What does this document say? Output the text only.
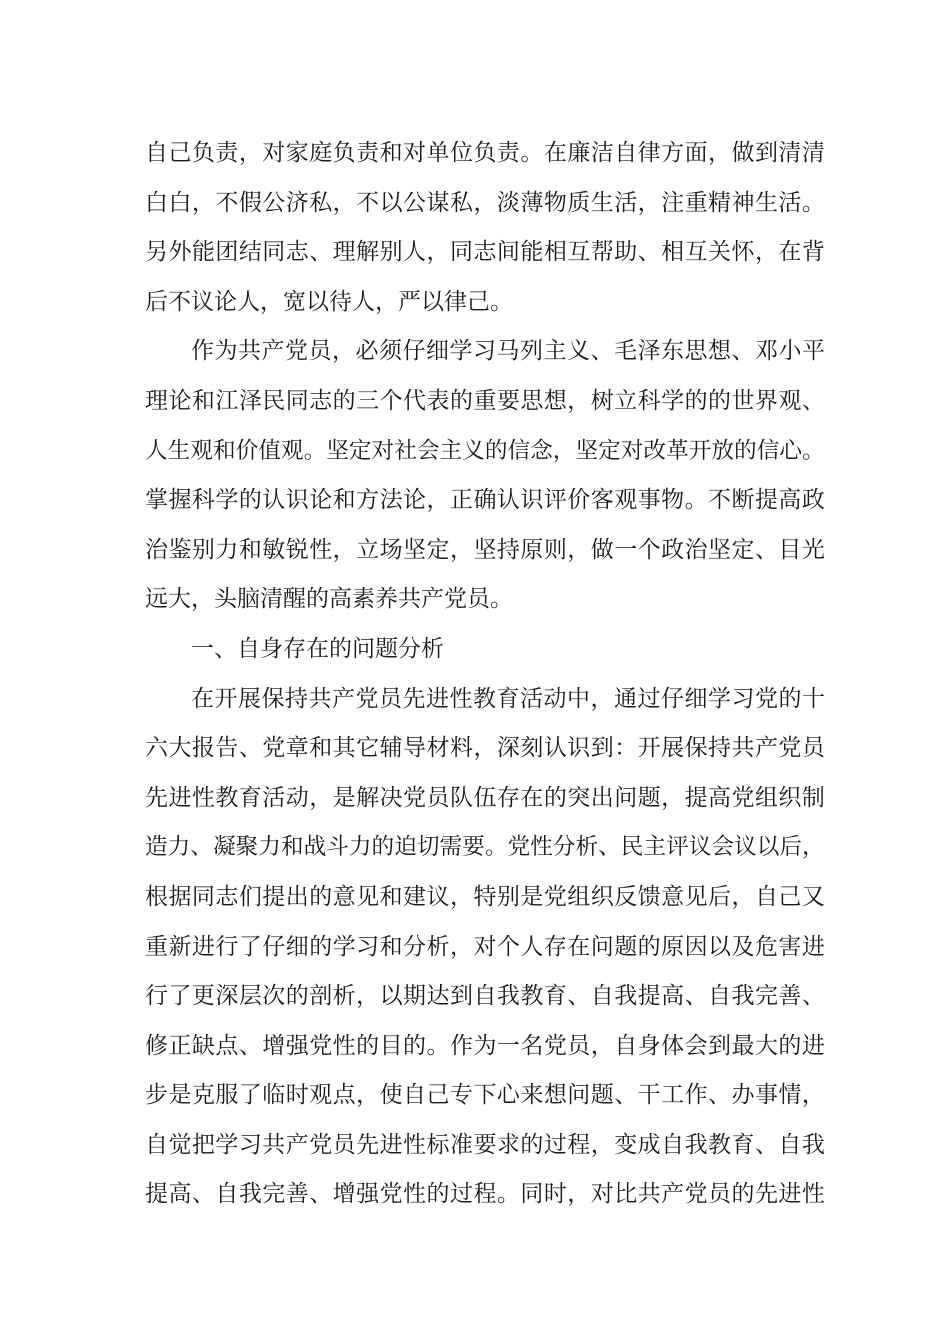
自己负责，对家庭负责和对单位负责。在廉洁自律方面，做到清清
白白，不假公济私，不以公谋私，淡薄物质生活，注重精神生活。
另外能团结同志、理解别人，同志间能相互帮助、相互关怀，在背
后不议论人，宽以待人，严以律己。
作为共产党员，必须仔细学习马列主义、毛泽东思想、邓小平
理论和江泽民同志的三个代表的重要思想，树立科学的的世界观、
人生观和价值观。坚定对社会主义的信念，坚定对改革开放的信心。
掌握科学的认识论和方法论，正确认识评价客观事物。不断提高政
治鉴别力和敏锐性，立场坚定，坚持原则，做一个政治坚定、目光
远大，头脑清醒的高素养共产党员。
一、自身存在的问题分析
在开展保持共产党员先进性教育活动中，通过仔细学习党的十
六大报告、党章和其它辅导材料，深刻认识到：开展保持共产党员
先进性教育活动，是解决党员队伍存在的突出问题，提高党组织制
造力、凝聚力和战斗力的迫切需要。党性分析、民主评议会议以后，
根据同志们提出的意见和建议，特别是党组织反馈意见后，自己又
重新进行了仔细的学习和分析，对个人存在问题的原因以及危害进
行了更深层次的剖析，以期达到自我教育、自我提高、自我完善、
修正缺点、增强党性的目的。作为一名党员，自身体会到最大的进
步是克服了临时观点，使自己专下心来想问题、干工作、办事情，
自觉把学习共产党员先进性标准要求的过程，变成自我教育、自我
提高、自我完善、增强党性的过程。同时，对比共产党员的先进性
